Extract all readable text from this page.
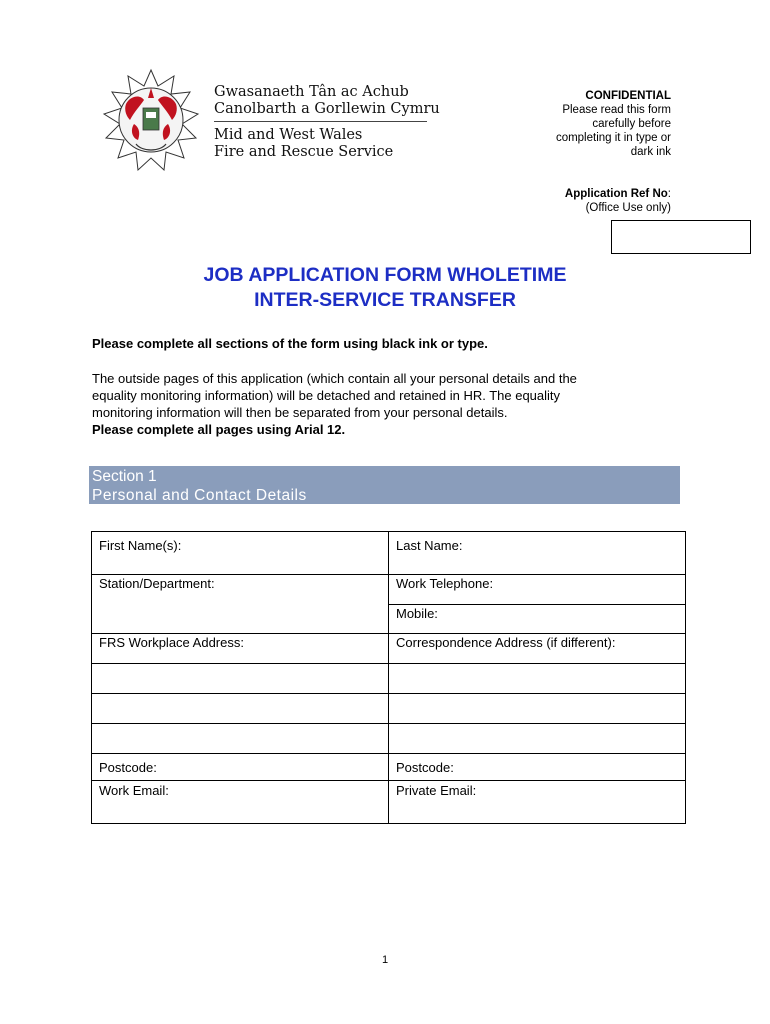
Gwasanaeth Tân ac Achub
Canolbarth a Gorllewin Cymru
Mid and West Wales
Fire and Rescue Service
CONFIDENTIAL
Please read this form
carefully before
completing it in type or
dark ink
Application Ref No:
(Office Use only)
JOB APPLICATION FORM WHOLETIME
INTER-SERVICE TRANSFER
Please complete all sections of the form using black ink or type.
The outside pages of this application (which contain all your personal details and the
equality monitoring information) will be detached and retained in HR. The equality
monitoring information will then be separated from your personal details.
Please complete all pages using Arial 12.
Section 1
Personal and Contact Details
First Name(s):	Last Name:
Station/Department:	Work Telephone:
	Mobile:
FRS Workplace Address:	Correspondence Address (if different):

Postcode:	Postcode:
Work Email:	Private Email:
1
